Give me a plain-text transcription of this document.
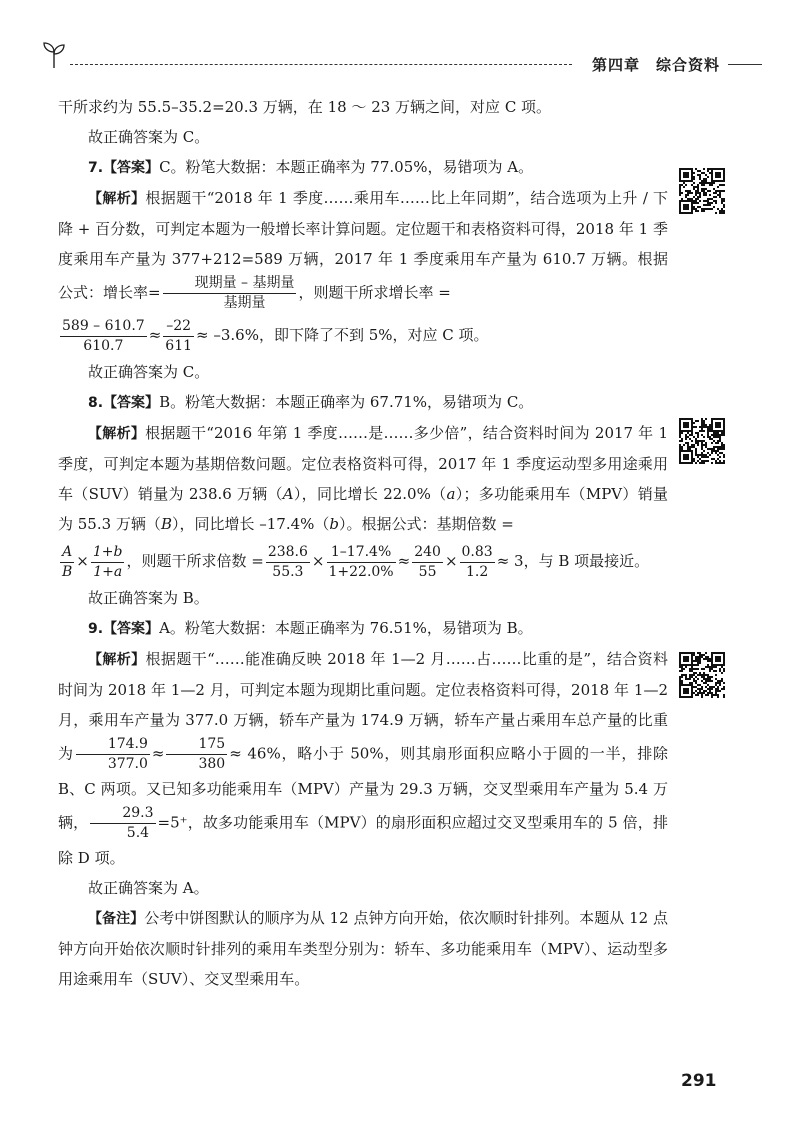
第四章　综合资料

干所求约为 55.5–35.2=20.3 万辆，在 18 ～ 23 万辆之间，对应 C 项。

故正确答案为 C。

7.【答案】C。粉笔大数据：本题正确率为 77.05%，易错项为 A。

【解析】根据题干“2018 年 1 季度……乘用车……比上年同期”，结合选项为上升 / 下降 + 百分数，可判定本题为一般增长率计算问题。定位题干和表格资料可得，2018 年 1 季度乘用车产量为 377+212=589 万辆，2017 年 1 季度乘用车产量为 610.7 万辆。根据公式：增长率= $\frac{\text{现期量 – 基期量}}{\text{基期量}}$ ，则题干所求增长率 =

$\frac{589 - 610.7}{610.7} \approx \frac{-22}{611} \approx -3.6\%$，即下降了不到 5%，对应 C 项。

故正确答案为 C。

8.【答案】B。粉笔大数据：本题正确率为 67.71%，易错项为 C。

【解析】根据题干“2016 年第 1 季度……是……多少倍”，结合资料时间为 2017 年 1 季度，可判定本题为基期倍数问题。定位表格资料可得，2017 年 1 季度运动型多用途乘用车（SUV）销量为 238.6 万辆（A），同比增长 22.0%（a）；多功能乘用车（MPV）销量为 55.3 万辆（B），同比增长 –17.4%（b）。根据公式：基期倍数 =

$\frac{A}{B} \times \frac{1+b}{1+a}$ ，则题干所求倍数 = $\frac{238.6}{55.3} \times \frac{1-17.4\%}{1+22.0\%} \approx \frac{240}{55} \times \frac{0.83}{1.2} \approx 3$，与 B 项最接近。

故正确答案为 B。

9.【答案】A。粉笔大数据：本题正确率为 76.51%，易错项为 B。

【解析】根据题干“……能准确反映 2018 年 1—2 月……占……比重的是”，结合资料时间为 2018 年 1—2 月，可判定本题为现期比重问题。定位表格资料可得，2018 年 1—2 月，乘用车产量为 377.0 万辆，轿车产量为 174.9 万辆，轿车产量占乘用车总产量的比重为 $\frac{174.9}{377.0} \approx \frac{175}{380} \approx 46\%$，略小于 50%，则其扇形面积应略小于圆的一半，排除 B、C 两项。又已知多功能乘用车（MPV）产量为 29.3 万辆，交叉型乘用车产量为 5.4 万辆， $\frac{29.3}{5.4} =5^+$，故多功能乘用车（MPV）的扇形面积应超过交叉型乘用车的 5 倍，排除 D 项。

故正确答案为 A。

【备注】公考中饼图默认的顺序为从 12 点钟方向开始，依次顺时针排列。本题从 12 点钟方向开始依次顺时针排列的乘用车类型分别为：轿车、多功能乘用车（MPV）、运动型多用途乘用车（SUV）、交叉型乘用车。

291
